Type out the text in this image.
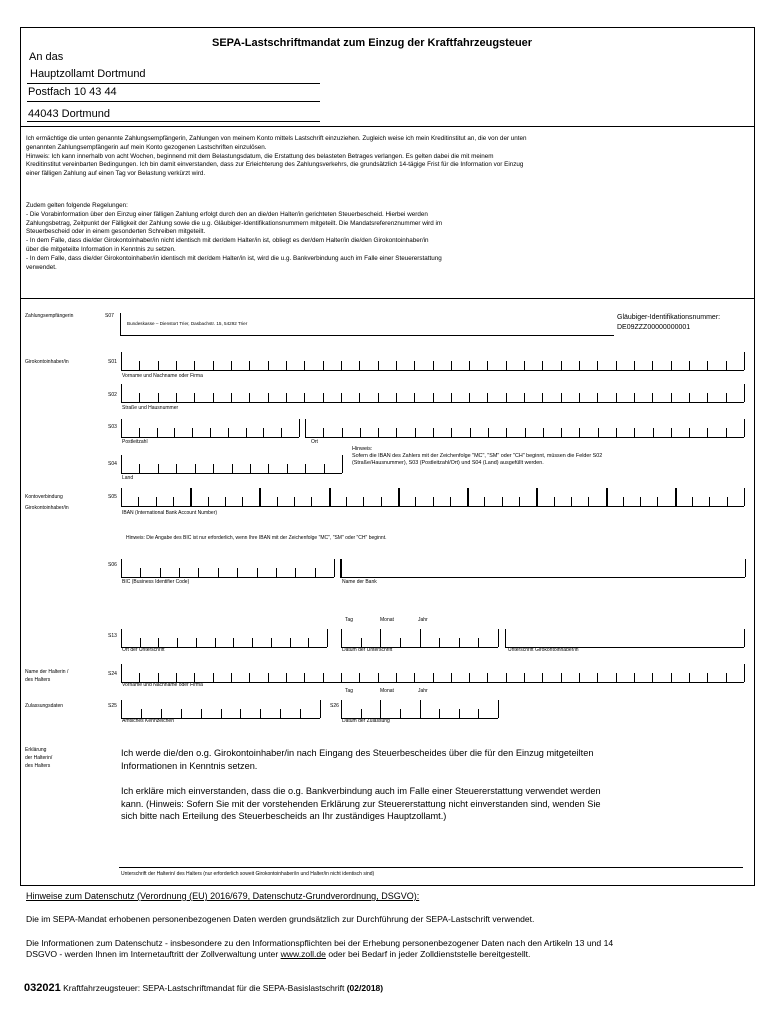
SEPA-Lastschriftmandat zum Einzug der Kraftfahrzeugsteuer
An das
Hauptzollamt Dortmund
Postfach 10 43 44
44043 Dortmund
Ich ermächtige die unten genannte Zahlungsempfängerin, Zahlungen von meinem Konto mittels Lastschrift einzuziehen. Zugleich weise ich mein Kreditinstitut an, die von der unten
genannten Zahlungsempfängerin auf mein Konto gezogenen Lastschriften einzulösen.
Hinweis: Ich kann innerhalb von acht Wochen, beginnend mit dem Belastungsdatum, die Erstattung des belasteten Betrages verlangen. Es gelten dabei die mit meinem
Kreditinstitut vereinbarten Bedingungen. Ich bin damit einverstanden, dass zur Erleichterung des Zahlungsverkehrs, die grundsätzlich 14-tägige Frist für die Information vor Einzug
einer fälligen Zahlung auf einen Tag vor Belastung verkürzt wird.
Zudem gelten folgende Regelungen:
- Die Vorabinformation über den Einzug einer fälligen Zahlung erfolgt durch den an die/den Halter/in gerichteten Steuerbescheid. Hierbei werden
Zahlungsbetrag, Zeitpunkt der Fälligkeit der Zahlung sowie die u.g. Gläubiger-Identifikationsnummern mitgeteilt. Die Mandatsreferenznummer wird im
Steuerbescheid oder in einem gesonderten Schreiben mitgeteilt.
- In dem Falle, dass die/der Girokontoinhaber/in nicht identisch mit der/dem Halter/in ist, obliegt es der/dem Halter/in die/den Girokontoinhaber/in
über die mitgeteilte Information in Kenntnis zu setzen.
- In dem Falle, dass die/der Girokontoinhaber/in identisch mit der/dem Halter/in ist, wird die u.g. Bankverbindung auch im Falle einer Steuererstattung
verwendet.
Zahlungsempfängerin	S07
Bundeskasse – Dienstort Trier, Dasbachstr. 15, 54292 Trier
Gläubiger-Identifikationsnummer:
DE09ZZZ00000000001
Girokontoinhaber/in	S01
Vorname und Nachname oder Firma
S02
Straße und Hausnummer
S03
Postleitzahl	Ort
Hinweis:
Sofern die IBAN des Zahlers mit der Zeichenfolge "MC", "SM" oder "CH" beginnt, müssen die Felder S02
(Straße/Hausnummer), S03 (Postleitzahl/Ort) und S04 (Land) ausgefüllt werden.
S04
Land
Kontoverbindung
Girokontoinhaber/in
S05
IBAN (International Bank Account Number)
Hinweis: Die Angabe des BIC ist nur erforderlich, wenn Ihre IBAN mit der Zeichenfolge "MC", "SM" oder "CH" beginnt.
S06
BIC (Business Identifier Code)	Name der Bank
Tag	Monat	Jahr
S13
Ort der Unterschrift	Datum der Unterschrift	Unterschrift Girokontoinhaber/in
Name der Halterin /
des Halters
S24
Vorname und Nachname oder Firma
Tag	Monat	Jahr
Zulassungsdaten	S25
Amtliches Kennzeichen
S26
Datum der Zulassung
Erklärung
der Halterin/
des Halters
Ich werde die/den o.g. Girokontoinhaber/in nach Eingang des Steuerbescheides über die für den Einzug mitgeteilten
Informationen in Kenntnis setzen.
Ich erkläre mich einverstanden, dass die o.g. Bankverbindung auch im Falle einer Steuererstattung verwendet werden
kann. (Hinweis: Sofern Sie mit der vorstehenden Erklärung zur Steuererstattung nicht einverstanden sind, wenden Sie
sich bitte nach Erteilung des Steuerbescheids an Ihr zuständiges Hauptzollamt.)
Unterschrift der Halterin/ des Halters (nur erforderlich soweit Girokontoinhaber/in und Halter/in nicht identisch sind)
Hinweise zum Datenschutz (Verordnung (EU) 2016/679, Datenschutz-Grundverordnung, DSGVO):
Die im SEPA-Mandat erhobenen personenbezogenen Daten werden grundsätzlich zur Durchführung der SEPA-Lastschrift verwendet.
Die Informationen zum Datenschutz - insbesondere zu den Informationspflichten bei der Erhebung personenbezogener Daten nach den Artikeln 13 und 14
DSGVO - werden Ihnen im Internetauftritt der Zollverwaltung unter www.zoll.de oder bei Bedarf in jeder Zolldienststelle bereitgestellt.
032021 Kraftfahrzeugsteuer: SEPA-Lastschriftmandat für die SEPA-Basislastschrift (02/2018)
